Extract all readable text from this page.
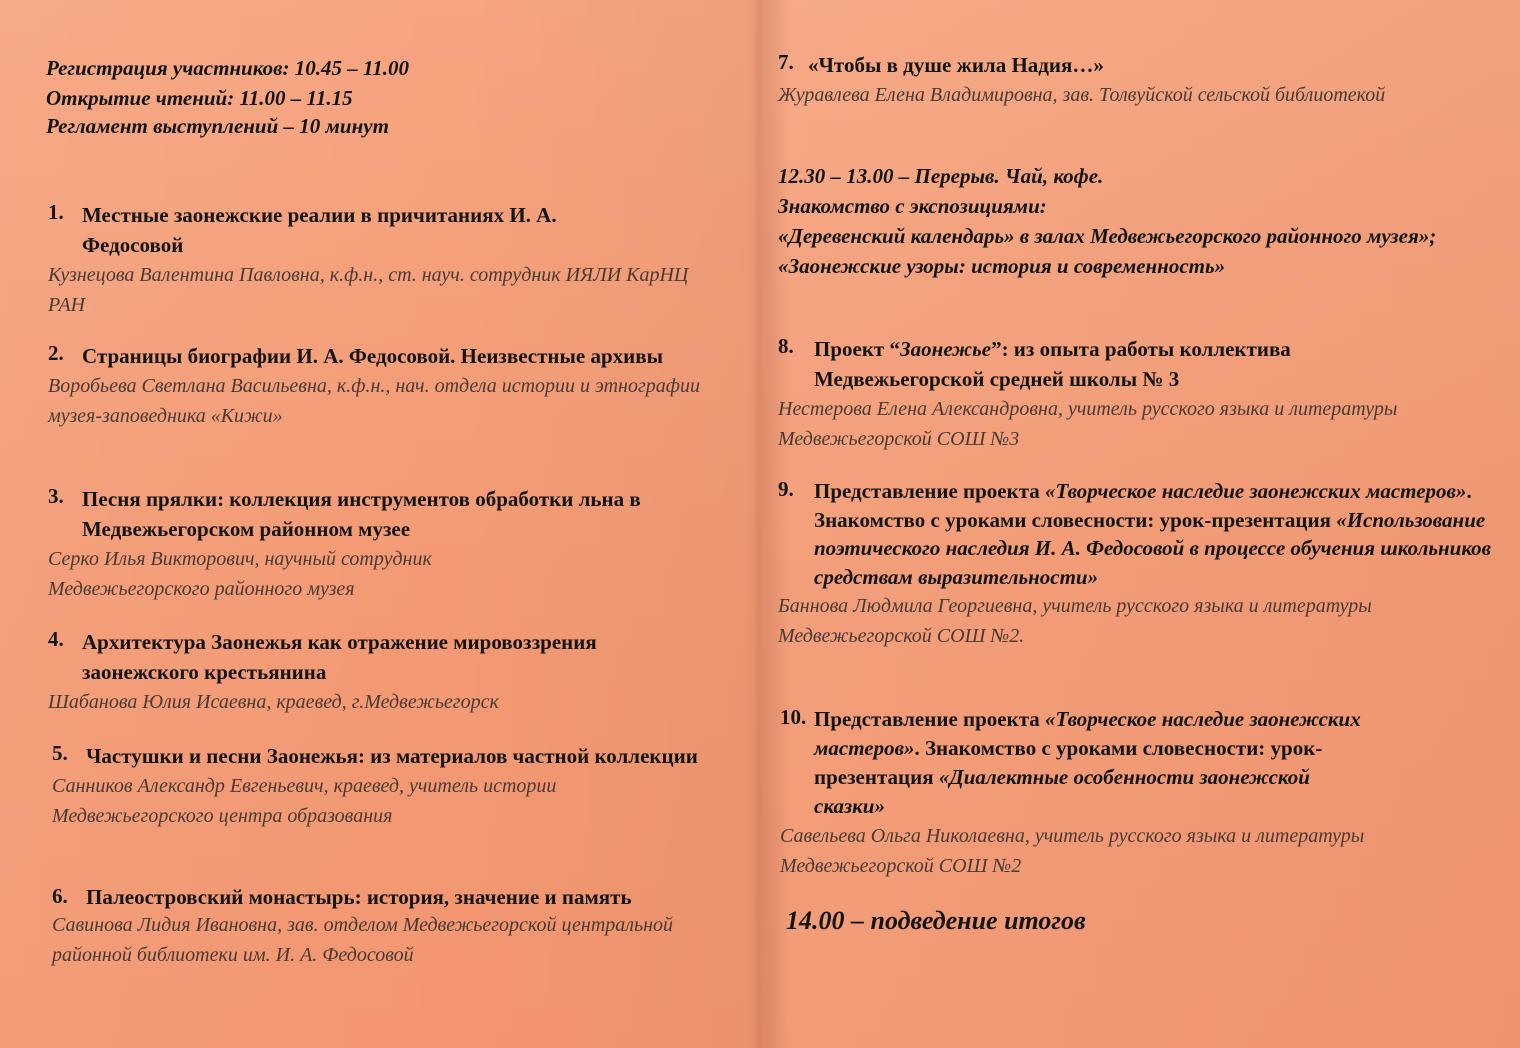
Регистрация участников: 10.45 – 11.00
Открытие чтений: 11.00 – 11.15
Регламент выступлений – 10 минут
1. Местные заонежские реалии в причитаниях И. А. Федосовой
Кузнецова Валентина Павловна, к.ф.н., ст. науч. сотрудник ИЯЛИ КарНЦ РАН
2. Страницы биографии И. А. Федосовой. Неизвестные архивы
Воробьева Светлана Васильевна, к.ф.н., нач. отдела истории и этнографии музея-заповедника «Кижи»
3. Песня прялки: коллекция инструментов обработки льна в Медвежьегорском районном музее
Серко Илья Викторович, научный сотрудник Медвежьегорского районного музея
4. Архитектура Заонежья как отражение мировоззрения заонежского крестьянина
Шабанова Юлия Исаевна, краевед, г.Медвежьегорск
5. Частушки и песни Заонежья: из материалов частной коллекции
Санников Александр Евгеньевич, краевед, учитель истории Медвежьегорского центра образования
6. Палеостровский монастырь: история, значение и память
Савинова Лидия Ивановна, зав. отделом Медвежьегорской центральной районной библиотеки им. И. А. Федосовой
7. «Чтобы в душе жила Надия…»
Журавлева Елена Владимировна, зав. Толвуйской сельской библиотекой
12.30 – 13.00 – Перерыв. Чай, кофе.
Знакомство с экспозициями:
«Деревенский календарь» в залах Медвежьегорского районного музея»;
«Заонежские узоры: история и современность»
8. Проект “Заонежье”: из опыта работы коллектива Медвежьегорской средней школы № 3
Нестерова Елена Александровна, учитель русского языка и литературы Медвежьегорской СОШ №3
9. Представление проекта «Творческое наследие заонежских мастеров». Знакомство с уроками словесности: урок-презентация «Использование поэтического наследия И. А. Федосовой в процессе обучения школьников средствам выразительности»
Баннова Людмила Георгиевна, учитель русского языка и литературы Медвежьегорской СОШ №2.
10. Представление проекта «Творческое наследие заонежских мастеров». Знакомство с уроками словесности: урок-презентация «Диалектные особенности заонежской сказки»
Савельева Ольга Николаевна, учитель русского языка и литературы Медвежьегорской СОШ №2
14.00 – подведение итогов
